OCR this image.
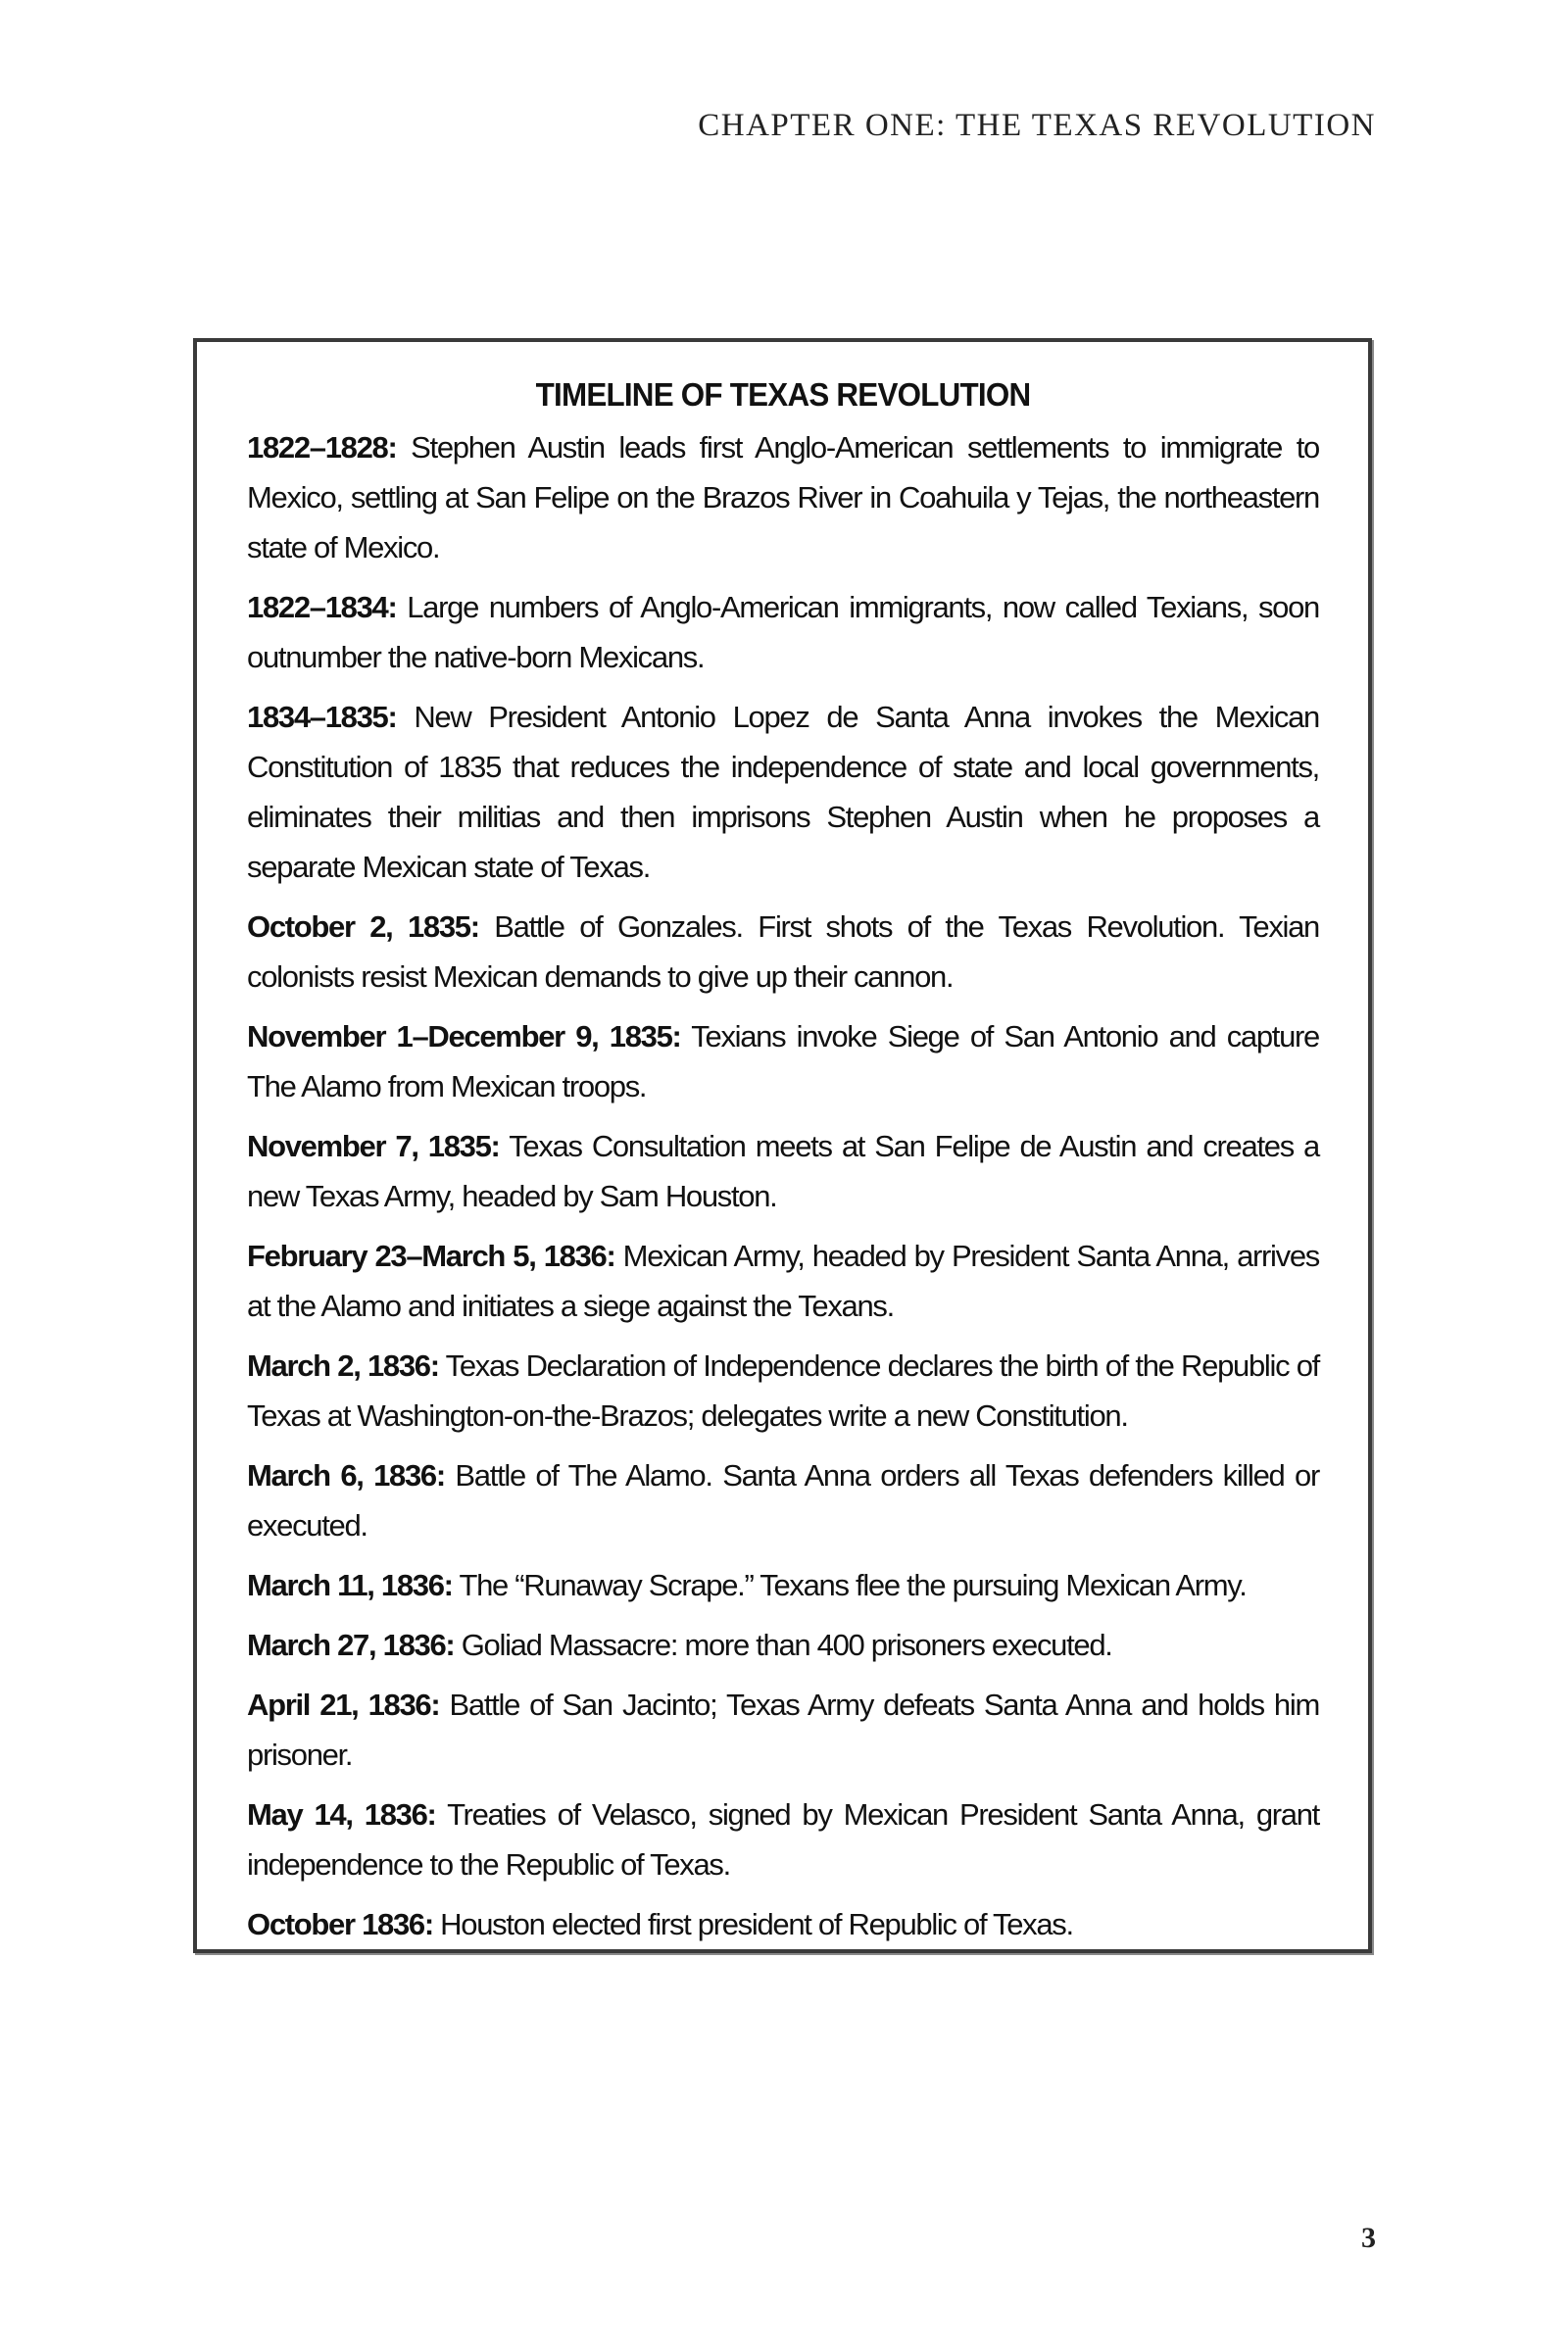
CHAPTER ONE: THE TEXAS REVOLUTION
TIMELINE OF TEXAS REVOLUTION

1822–1828: Stephen Austin leads first Anglo-American settlements to immigrate to Mexico, settling at San Felipe on the Brazos River in Coahuila y Tejas, the northeastern state of Mexico.

1822–1834: Large numbers of Anglo-American immigrants, now called Texians, soon outnumber the native-born Mexicans.

1834–1835: New President Antonio Lopez de Santa Anna invokes the Mexican Constitution of 1835 that reduces the independence of state and local governments, eliminates their militias and then imprisons Stephen Austin when he proposes a separate Mexican state of Texas.

October 2, 1835: Battle of Gonzales. First shots of the Texas Revolution. Texian colonists resist Mexican demands to give up their cannon.

November 1–December 9, 1835: Texians invoke Siege of San Antonio and capture The Alamo from Mexican troops.

November 7, 1835: Texas Consultation meets at San Felipe de Austin and creates a new Texas Army, headed by Sam Houston.

February 23–March 5, 1836: Mexican Army, headed by President Santa Anna, arrives at the Alamo and initiates a siege against the Texans.

March 2, 1836: Texas Declaration of Independence declares the birth of the Republic of Texas at Washington-on-the-Brazos; delegates write a new Constitution.

March 6, 1836: Battle of The Alamo. Santa Anna orders all Texas defenders killed or executed.

March 11, 1836: The “Runaway Scrape.” Texans flee the pursuing Mexican Army.

March 27, 1836: Goliad Massacre: more than 400 prisoners executed.

April 21, 1836: Battle of San Jacinto; Texas Army defeats Santa Anna and holds him prisoner.

May 14, 1836: Treaties of Velasco, signed by Mexican President Santa Anna, grant independence to the Republic of Texas.

October 1836: Houston elected first president of Republic of Texas.

3
